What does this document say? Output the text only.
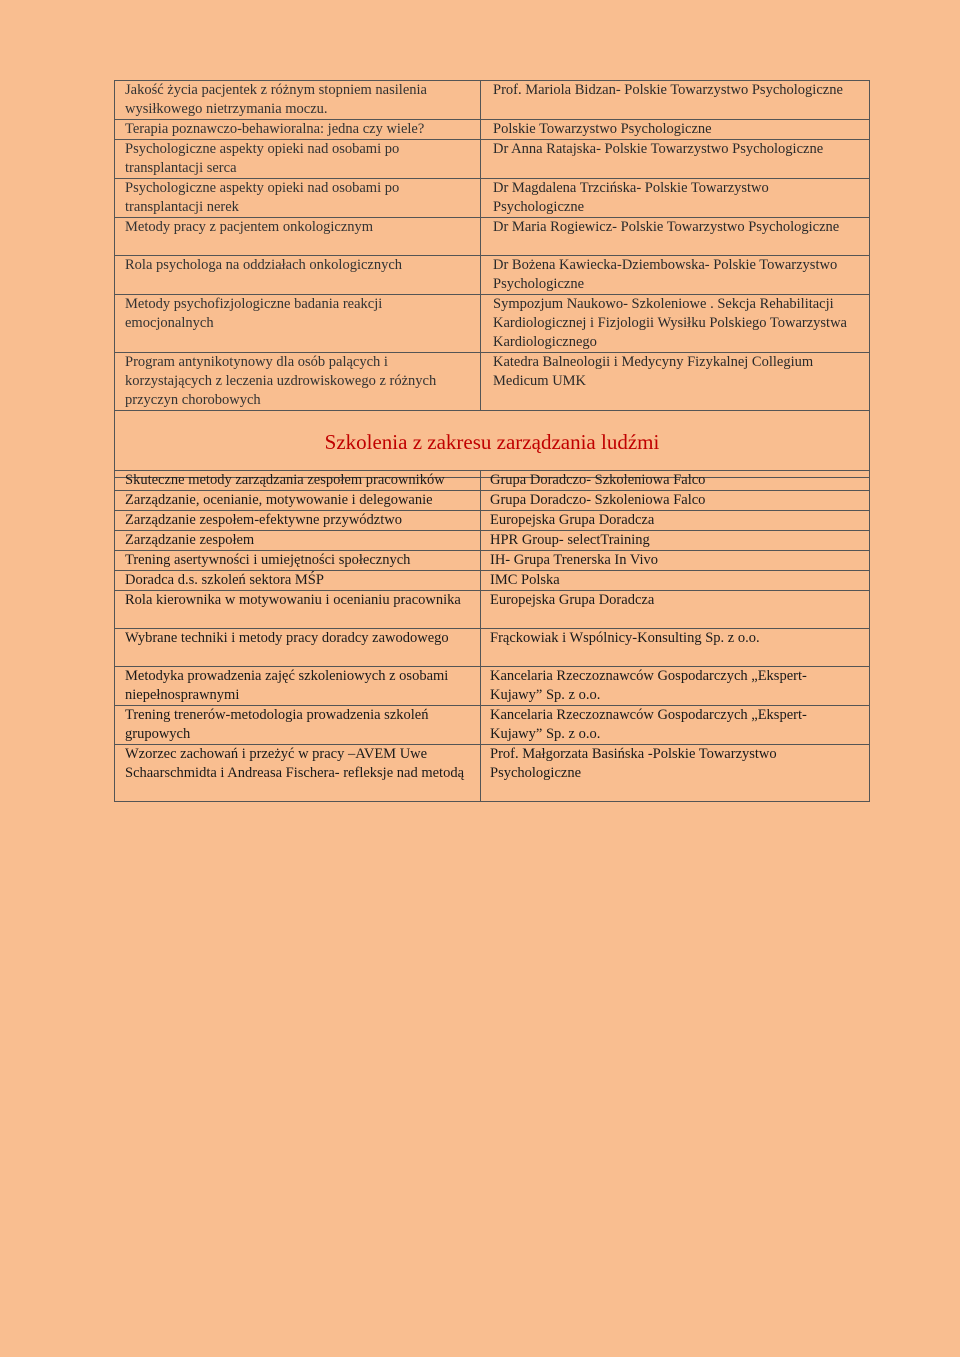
Jakość życia pacjentek z różnym stopniem nasilenia wysiłkowego nietrzymania moczu.	Prof. Mariola Bidzan- Polskie Towarzystwo Psychologiczne
Terapia poznawczo-behawioralna: jedna czy wiele?	Polskie Towarzystwo Psychologiczne
Psychologiczne aspekty opieki nad osobami po transplantacji serca	Dr Anna Ratajska- Polskie Towarzystwo Psychologiczne
Psychologiczne aspekty opieki nad osobami po transplantacji nerek	Dr Magdalena Trzcińska- Polskie Towarzystwo Psychologiczne
Metody pracy z pacjentem onkologicznym	Dr Maria Rogiewicz- Polskie Towarzystwo Psychologiczne
Rola psychologa na oddziałach onkologicznych	Dr Bożena Kawiecka-Dziembowska- Polskie Towarzystwo Psychologiczne
Metody psychofizjologiczne badania reakcji emocjonalnych	Sympozjum Naukowo- Szkoleniowe . Sekcja Rehabilitacji Kardiologicznej i Fizjologii Wysiłku Polskiego Towarzystwa Kardiologicznego
Program antynikotynowy dla osób palących i korzystających z leczenia uzdrowiskowego z różnych przyczyn chorobowych	Katedra Balneologii i Medycyny Fizykalnej Collegium Medicum UMK
Szkolenia z zakresu zarządzania ludźmi	
Skuteczne metody zarządzania zespołem pracowników	Grupa Doradczo- Szkoleniowa Falco
Zarządzanie, ocenianie, motywowanie i delegowanie	Grupa Doradczo- Szkoleniowa Falco
Zarządzanie zespołem-efektywne przywództwo	Europejska Grupa Doradcza
Zarządzanie zespołem	HPR Group- selectTraining
Trening asertywności i umiejętności społecznych	IH- Grupa Trenerska In Vivo
Doradca d.s. szkoleń sektora MŚP	IMC Polska
Rola kierownika w motywowaniu i ocenianiu pracownika	Europejska Grupa Doradcza
Wybrane techniki i metody pracy doradcy zawodowego	Frąckowiak i Wspólnicy-Konsulting Sp. z o.o.
Metodyka prowadzenia zajęć szkoleniowych z osobami niepełnosprawnymi	Kancelaria Rzeczoznawców Gospodarczych „Ekspert-Kujawy” Sp. z o.o.
Trening trenerów-metodologia prowadzenia szkoleń grupowych	Kancelaria Rzeczoznawców Gospodarczych „Ekspert-Kujawy” Sp. z o.o.
Wzorzec zachowań i przeżyć w pracy –AVEM Uwe Schaarschmidta i Andreasa Fischera- refleksje nad metodą	Prof. Małgorzata Basińska -Polskie Towarzystwo Psychologiczne
